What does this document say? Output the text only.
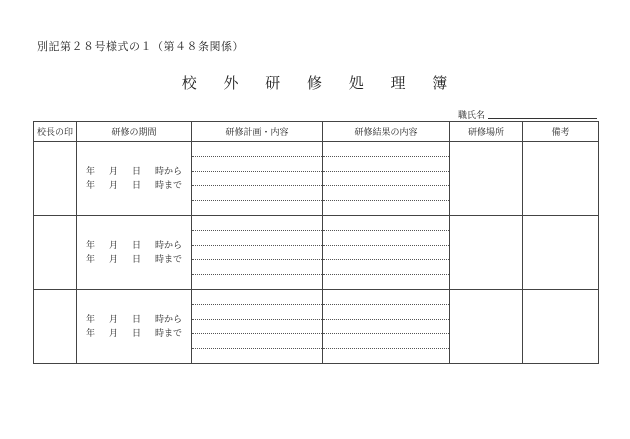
別記第２８号様式の１（第４８条関係）
校 外 研 修 処 理 簿
職氏名
校長の印	研修の期間	研修計画・内容	研修結果の内容	研修場所	備考

	年 月 日 時から
年 月 日 時まで				

	年 月 日 時から
年 月 日 時まで				

	年 月 日 時から
年 月 日 時まで				
